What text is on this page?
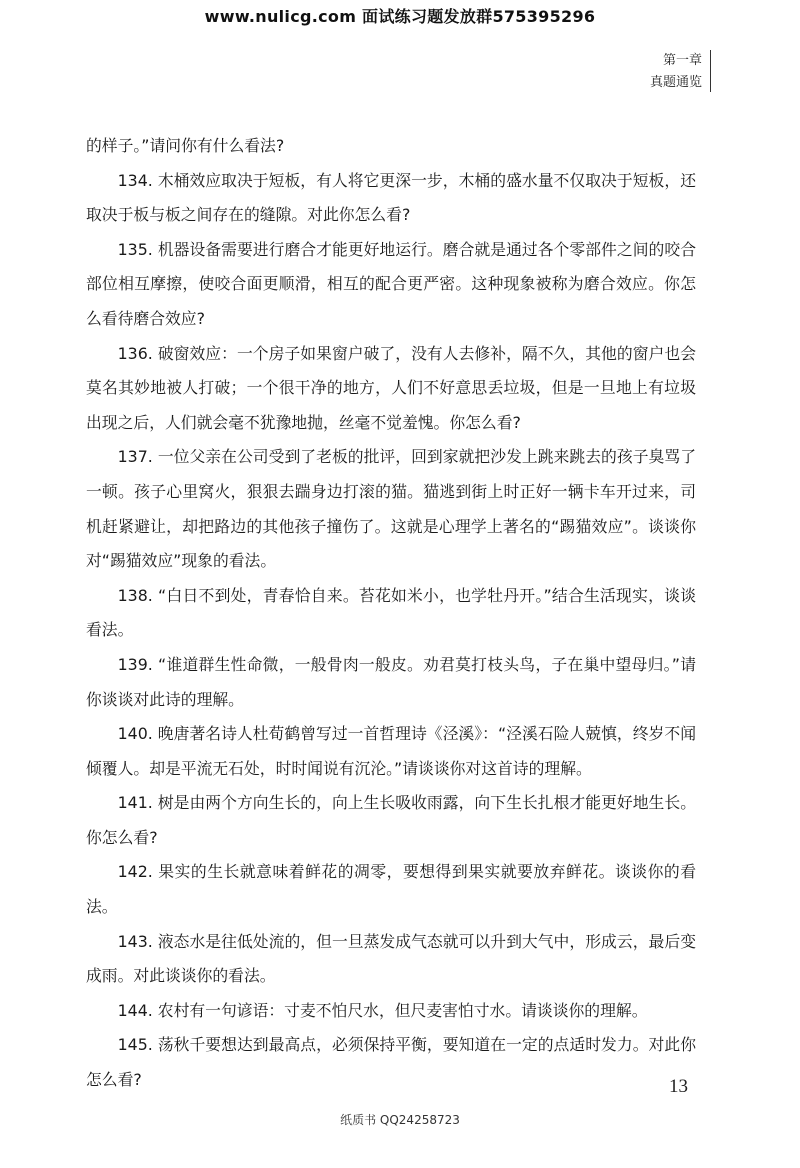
www.nulicg.com 面试练习题发放群575395296
第一章
真题通览

的样子。”请问你有什么看法?

134. 木桶效应取决于短板，有人将它更深一步，木桶的盛水量不仅取决于短板，还取决于板与板之间存在的缝隙。对此你怎么看?

135. 机器设备需要进行磨合才能更好地运行。磨合就是通过各个零部件之间的咬合部位相互摩擦，使咬合面更顺滑，相互的配合更严密。这种现象被称为磨合效应。你怎么看待磨合效应?

136. 破窗效应：一个房子如果窗户破了，没有人去修补，隔不久，其他的窗户也会莫名其妙地被人打破；一个很干净的地方，人们不好意思丢垃圾，但是一旦地上有垃圾出现之后，人们就会毫不犹豫地抛，丝毫不觉羞愧。你怎么看?

137. 一位父亲在公司受到了老板的批评，回到家就把沙发上跳来跳去的孩子臭骂了一顿。孩子心里窝火，狠狠去踹身边打滚的猫。猫逃到街上时正好一辆卡车开过来，司机赶紧避让，却把路边的其他孩子撞伤了。这就是心理学上著名的“踢猫效应”。谈谈你对“踢猫效应”现象的看法。

138. “白日不到处，青春恰自来。苔花如米小，也学牡丹开。”结合生活现实，谈谈看法。

139. “谁道群生性命微，一般骨肉一般皮。劝君莫打枝头鸟，子在巢中望母归。”请你谈谈对此诗的理解。

140. 晚唐著名诗人杜荀鹤曾写过一首哲理诗《泾溪》：“泾溪石险人兢慎，终岁不闻倾覆人。却是平流无石处，时时闻说有沉沦。”请谈谈你对这首诗的理解。

141. 树是由两个方向生长的，向上生长吸收雨露，向下生长扎根才能更好地生长。你怎么看?

142. 果实的生长就意味着鲜花的凋零，要想得到果实就要放弃鲜花。谈谈你的看法。

143. 液态水是往低处流的，但一旦蒸发成气态就可以升到大气中，形成云，最后变成雨。对此谈谈你的看法。

144. 农村有一句谚语：寸麦不怕尺水，但尺麦害怕寸水。请谈谈你的理解。

145. 荡秋千要想达到最高点，必须保持平衡，要知道在一定的点适时发力。对此你怎么看?	13
纸质书 QQ24258723
